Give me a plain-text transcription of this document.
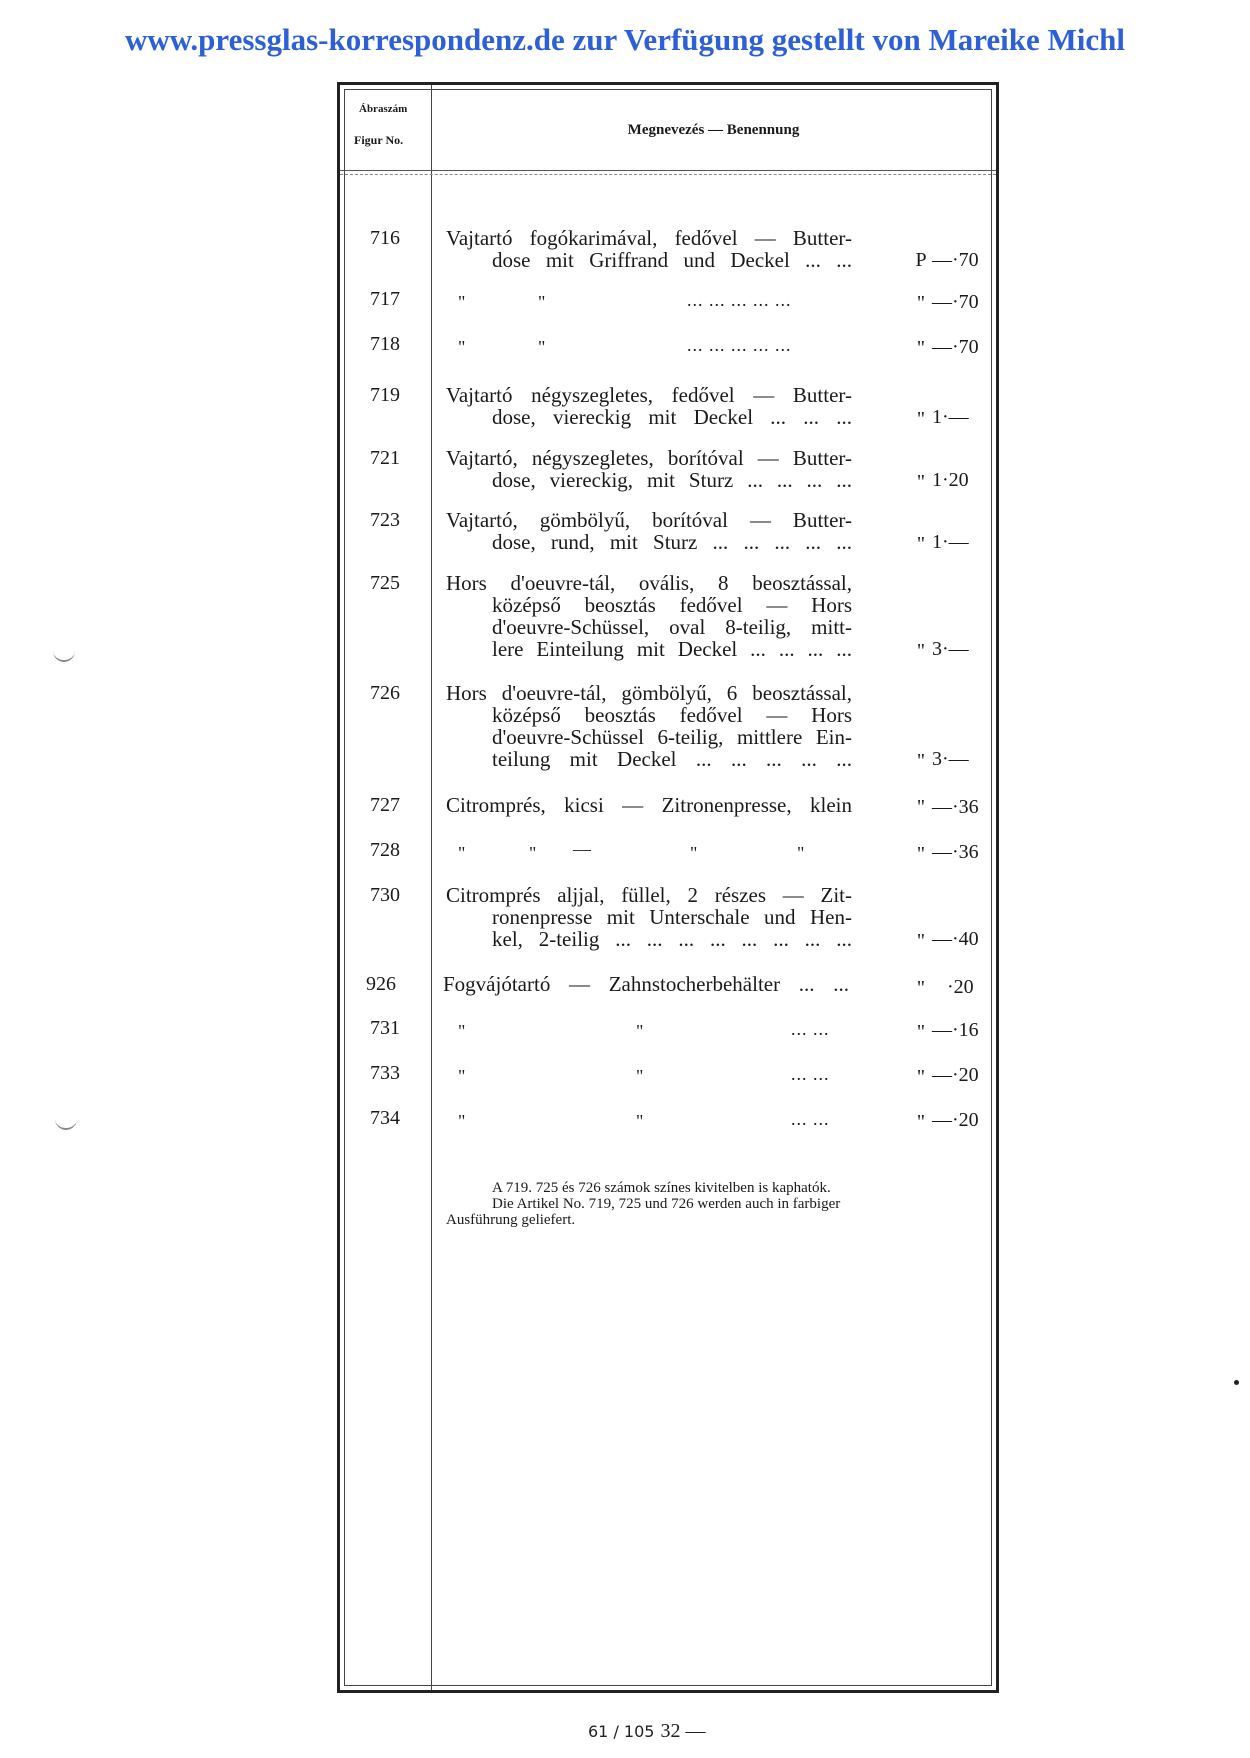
www.pressglas-korrespondenz.de zur Verfügung gestellt von Mareike Michl
Ábraszám
Figur No.
Megnevezés — Benennung
716	Vajtartó fogókarimával, fedővel — Butter-
dose mit Griffrand und Deckel ... ...	P —·70
717	"	"	... ... ... ... ...	" —·70
718	"	"	... ... ... ... ...	" —·70
719	Vajtartó négyszegletes, fedővel — Butter-
dose, viereckig mit Deckel ... ... ...	" 1·—
721	Vajtartó, négyszegletes, borítóval — Butter-
dose, viereckig, mit Sturz ... ... ... ...	" 1·20
723	Vajtartó, gömbölyű, borítóval — Butter-
dose, rund, mit Sturz ... ... ... ... ...	" 1·—
725	Hors d'oeuvre-tál, ovális, 8 beosztással,
középső beosztás fedővel — Hors
d'oeuvre-Schüssel, oval 8-teilig, mitt-
lere Einteilung mit Deckel ... ... ... ...	" 3·—
726	Hors d'oeuvre-tál, gömbölyű, 6 beosztással,
középső beosztás fedővel — Hors
d'oeuvre-Schüssel 6-teilig, mittlere Ein-
teilung mit Deckel ... ... ... ... ...	" 3·—
727	Citromprés, kicsi — Zitronenpresse, klein	" —·36
728	"	" —	"	"	" —·36
730	Citromprés aljjal, füllel, 2 részes — Zit-
ronenpresse mit Unterschale und Hen-
kel, 2-teilig ... ... ... ... ... ... ... ...	" —·40
926	Fogvájótartó — Zahnstocherbehälter ... ...	" ·20
731	"	"	... ...	" —·16
733	"	"	... ...	" —·20
734	"	"	... ...	" —·20
A 719. 725 és 726 számok színes kivitelben is kaphatók.
Die Artikel No. 719, 725 und 726 werden auch in farbiger
Ausführung geliefert.
61 / 105 32 —
